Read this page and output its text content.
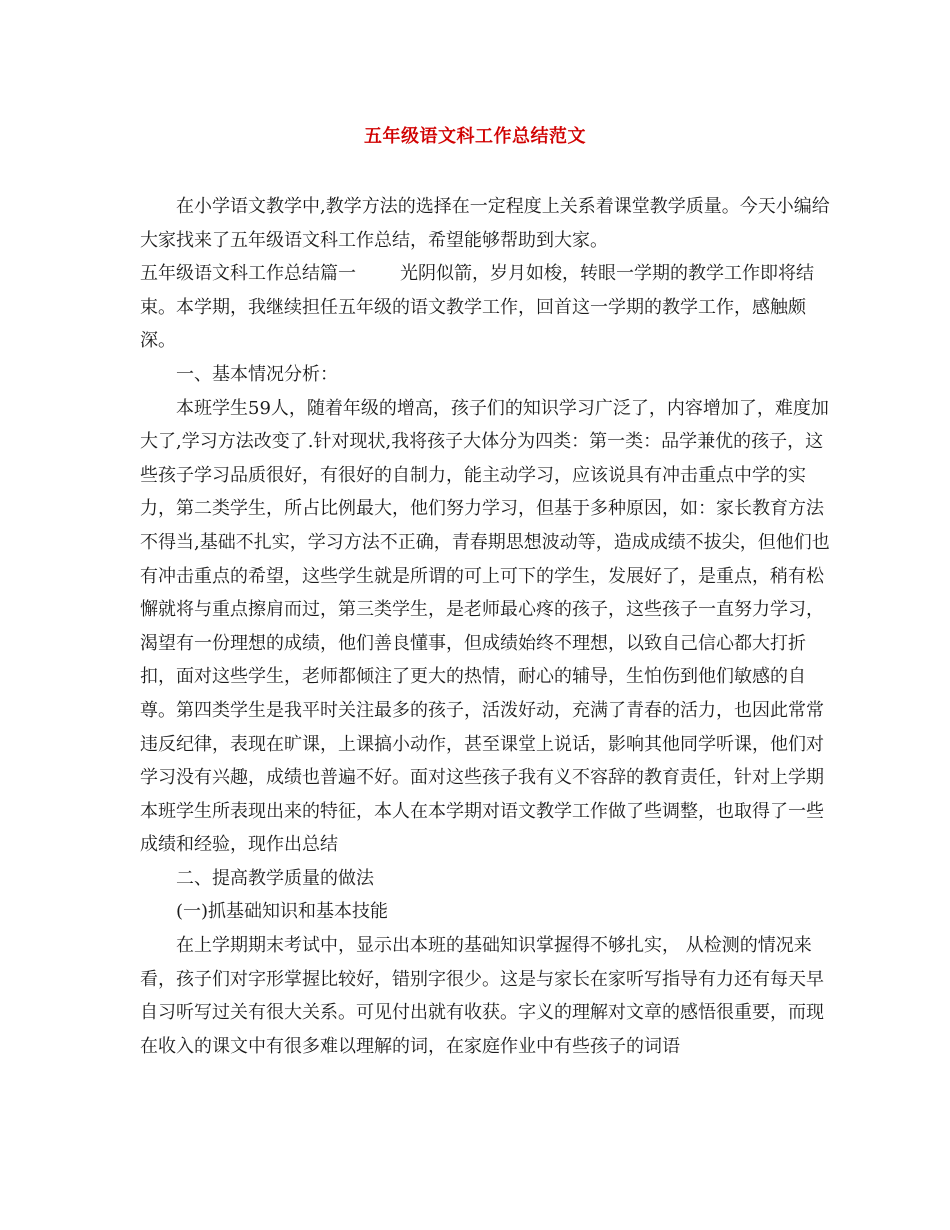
五年级语文科工作总结范文

在小学语文教学中,教学方法的选择在一定程度上关系着课堂教学质量。今天小编给大家找来了五年级语文科工作总结，希望能够帮助到大家。

五年级语文科工作总结篇一 光阴似箭，岁月如梭，转眼一学期的教学工作即将结束。本学期，我继续担任五年级的语文教学工作，回首这一学期的教学工作，感触颇深。

一、基本情况分析：

本班学生59人，随着年级的增高，孩子们的知识学习广泛了，内容增加了，难度加大了,学习方法改变了.针对现状,我将孩子大体分为四类：第一类：品学兼优的孩子，这些孩子学习品质很好，有很好的自制力，能主动学习，应该说具有冲击重点中学的实力，第二类学生，所占比例最大，他们努力学习，但基于多种原因，如：家长教育方法不得当,基础不扎实，学习方法不正确，青春期思想波动等，造成成绩不拔尖，但他们也有冲击重点的希望，这些学生就是所谓的可上可下的学生，发展好了，是重点，稍有松懈就将与重点擦肩而过，第三类学生，是老师最心疼的孩子，这些孩子一直努力学习，渴望有一份理想的成绩，他们善良懂事，但成绩始终不理想，以致自己信心都大打折扣，面对这些学生，老师都倾注了更大的热情，耐心的辅导，生怕伤到他们敏感的自尊。第四类学生是我平时关注最多的孩子，活泼好动，充满了青春的活力，也因此常常违反纪律，表现在旷课，上课搞小动作，甚至课堂上说话，影响其他同学听课，他们对学习没有兴趣，成绩也普遍不好。面对这些孩子我有义不容辞的教育责任，针对上学期本班学生所表现出来的特征，本人在本学期对语文教学工作做了些调整，也取得了一些成绩和经验，现作出总结

二、提高教学质量的做法

(一)抓基础知识和基本技能

在上学期期末考试中，显示出本班的基础知识掌握得不够扎实， 从检测的情况来看，孩子们对字形掌握比较好，错别字很少。这是与家长在家听写指导有力还有每天早自习听写过关有很大关系。可见付出就有收获。字义的理解对文章的感悟很重要，而现在收入的课文中有很多难以理解的词，在家庭作业中有些孩子的词语
